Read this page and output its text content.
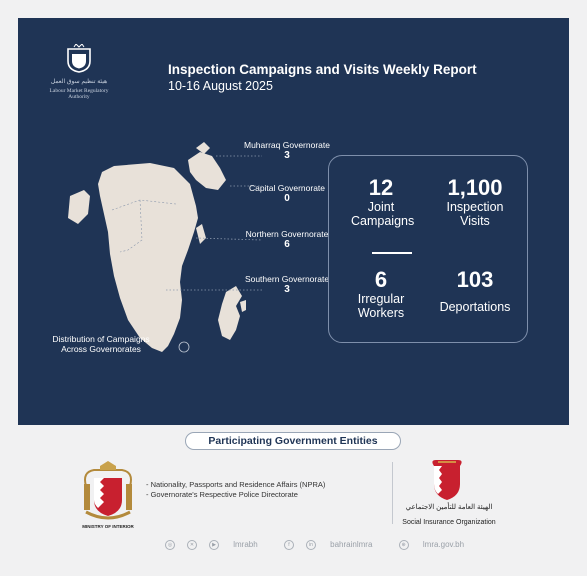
هيئة تنظيم سوق العمل
Labour Market Regulatory Authority
Inspection Campaigns and Visits Weekly Report
10-16 August 2025
Muharraq Governorate
3
Capital Governorate
0
Northern Governorate
6
Southern Governorate
3
Distribution of Campaigns Across Governorates
12
Joint Campaigns
1,100
Inspection Visits
6
Irregular Workers
103
Deportations
Participating Government Entities
MINISTRY OF INTERIOR
- Nationality, Passports and Residence Affairs (NPRA)
- Governorate's Respective Police Directorate
الهيئة العامة للتأمين الاجتماعي
Social Insurance Organization
◎	✕	▶ lmrabh	f	in bahrainlmra	⊕ lmra.gov.bh
